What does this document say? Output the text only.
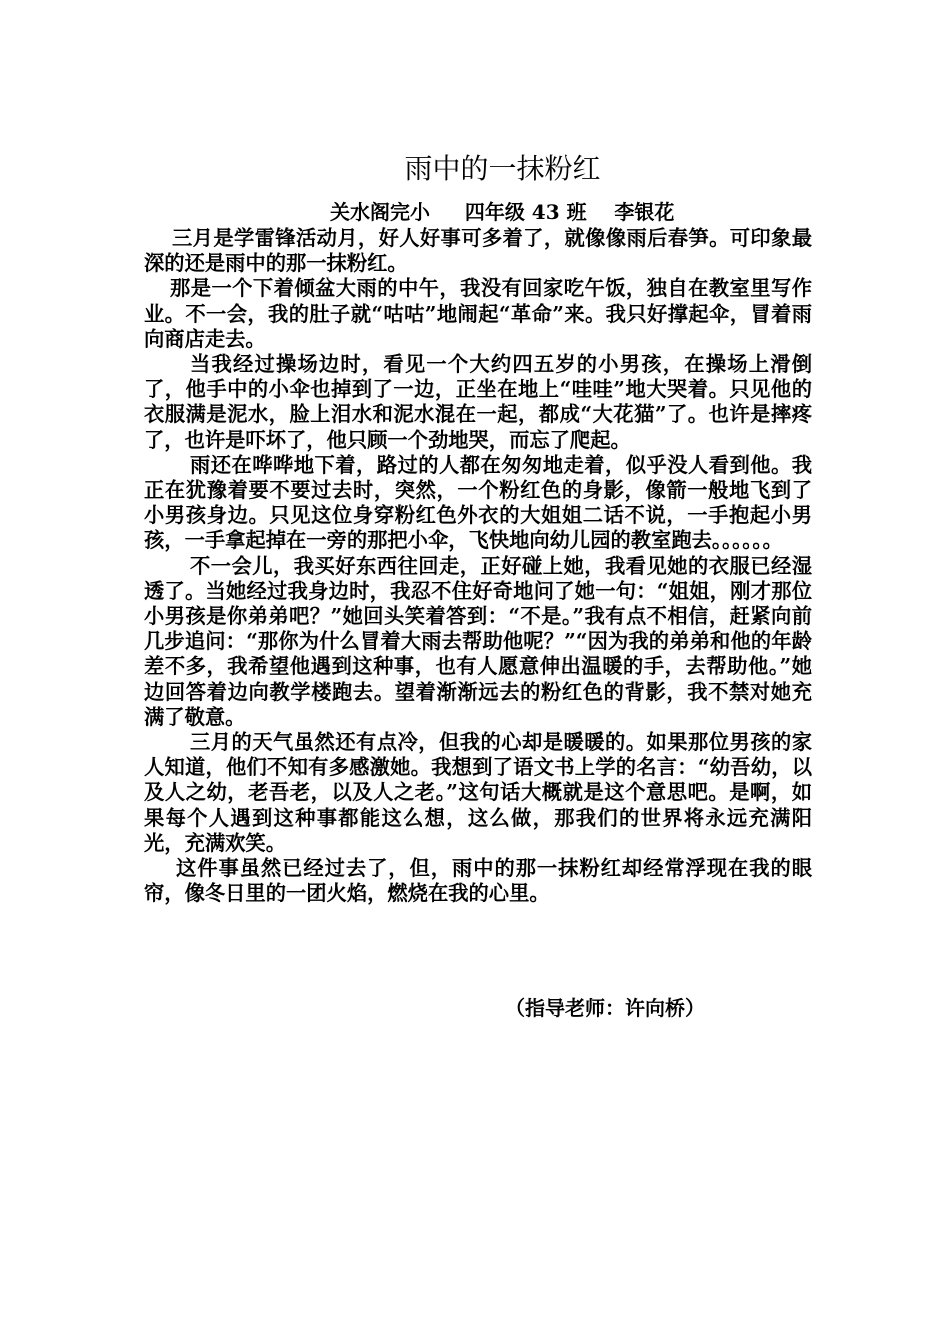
雨中的一抹粉红
关水阁完小     四年级 43 班    李银花

三月是学雷锋活动月，好人好事可多着了，就像像雨后春笋。可印象最深的还是雨中的那一抹粉红。

那是一个下着倾盆大雨的中午，我没有回家吃午饭，独自在教室里写作业。不一会，我的肚子就“咕咕”地闹起“革命”来。我只好撑起伞，冒着雨向商店走去。

当我经过操场边时，看见一个大约四五岁的小男孩，在操场上滑倒了，他手中的小伞也掉到了一边，正坐在地上“哇哇”地大哭着。只见他的衣服满是泥水，脸上泪水和泥水混在一起，都成“大花猫”了。也许是摔疼了，也许是吓坏了，他只顾一个劲地哭，而忘了爬起。

雨还在哗哗地下着，路过的人都在匆匆地走着，似乎没人看到他。我正在犹豫着要不要过去时，突然，一个粉红色的身影，像箭一般地飞到了小男孩身边。只见这位身穿粉红色外衣的大姐姐二话不说，一手抱起小男孩，一手拿起掉在一旁的那把小伞，飞快地向幼儿园的教室跑去。。。。。。

不一会儿，我买好东西往回走，正好碰上她，我看见她的衣服已经湿透了。当她经过我身边时，我忍不住好奇地问了她一句：“姐姐，刚才那位小男孩是你弟弟吧？”她回头笑着答到：“不是。”我有点不相信，赶紧向前几步追问：“那你为什么冒着大雨去帮助他呢？”“因为我的弟弟和他的年龄差不多，我希望他遇到这种事，也有人愿意伸出温暖的手，去帮助他。”她边回答着边向教学楼跑去。望着渐渐远去的粉红色的背影，我不禁对她充满了敬意。

三月的天气虽然还有点冷，但我的心却是暖暖的。如果那位男孩的家人知道，他们不知有多感激她。我想到了语文书上学的名言：“幼吾幼，以及人之幼，老吾老，以及人之老。”这句话大概就是这个意思吧。是啊，如果每个人遇到这种事都能这么想，这么做，那我们的世界将永远充满阳光，充满欢笑。

这件事虽然已经过去了，但，雨中的那一抹粉红却经常浮现在我的眼帘，像冬日里的一团火焰，燃烧在我的心里。

（指导老师：许向桥）
